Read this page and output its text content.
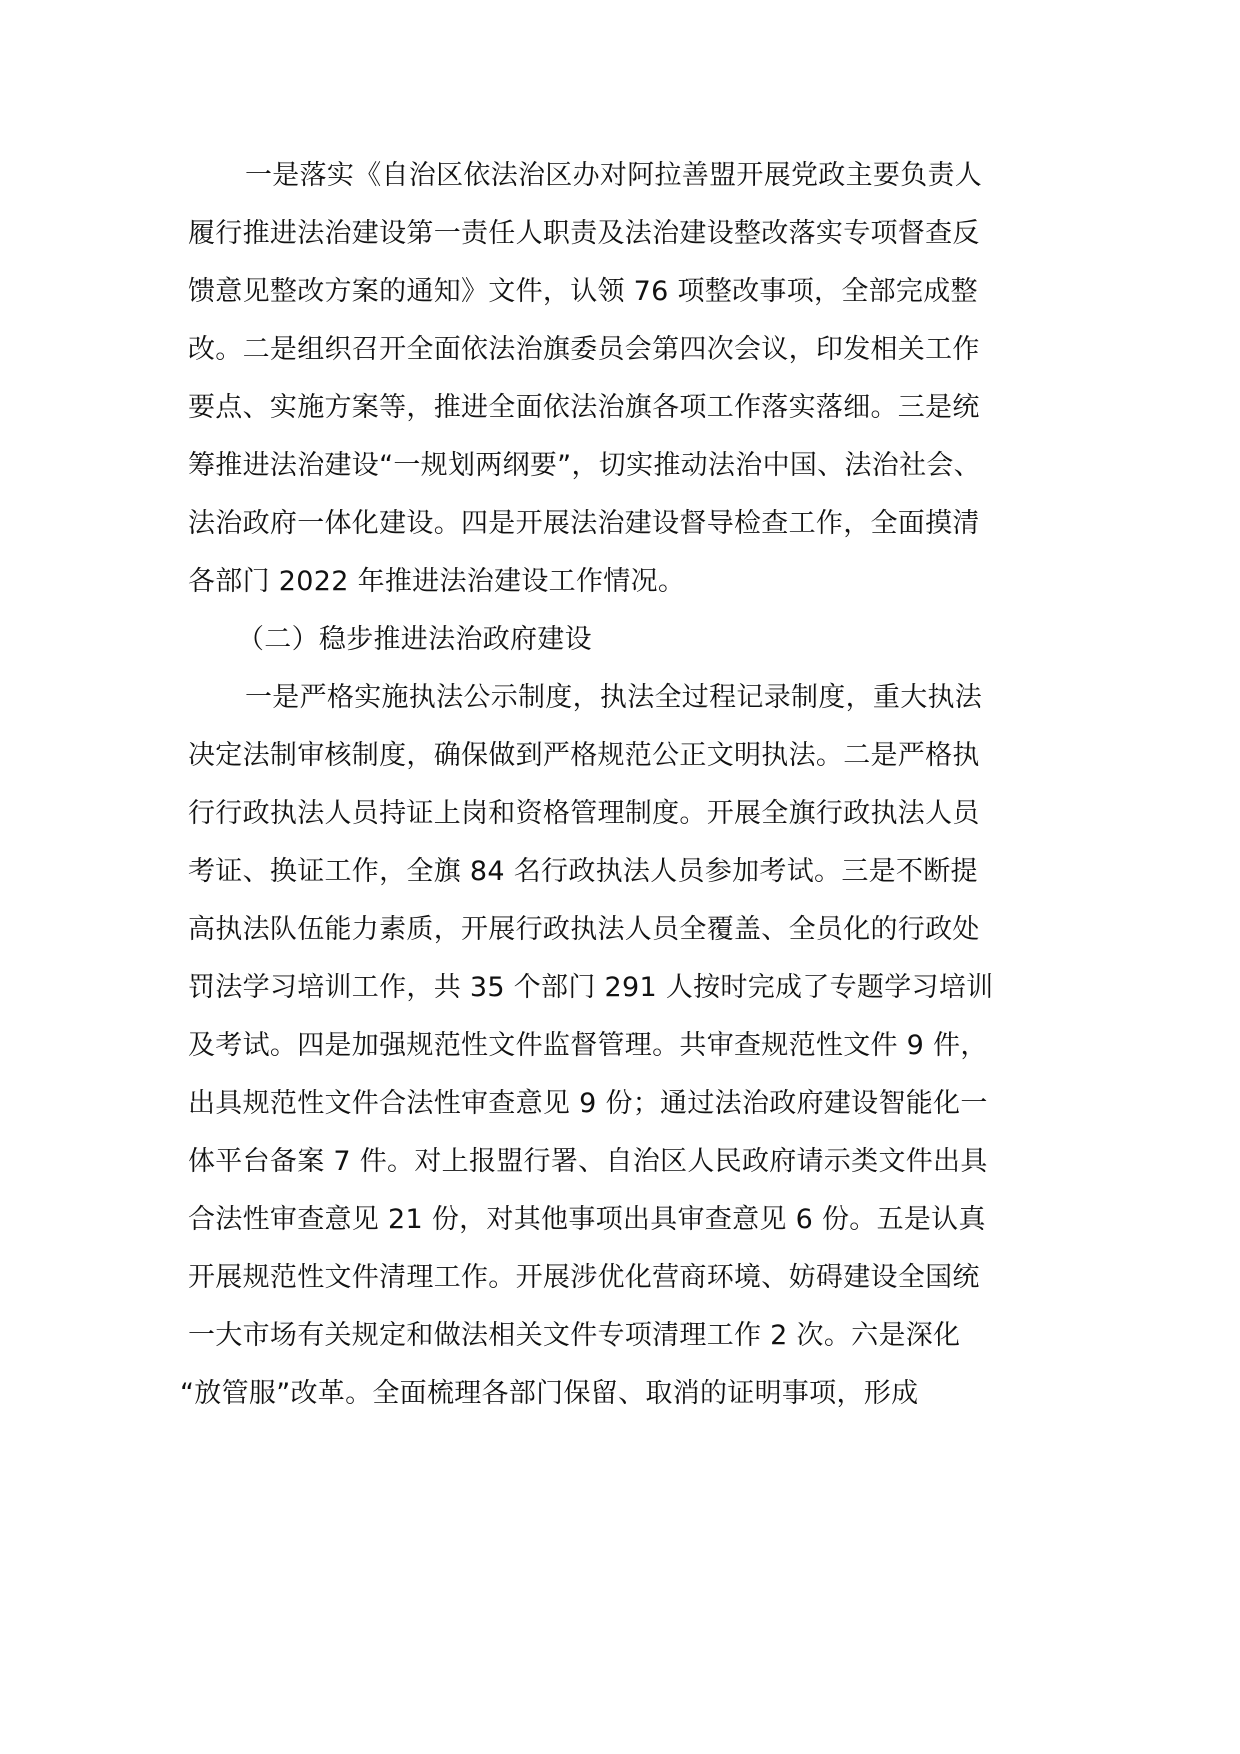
一是落实《自治区依法治区办对阿拉善盟开展党政主要负责人
履行推进法治建设第一责任人职责及法治建设整改落实专项督查反
馈意见整改方案的通知》文件，认领 76 项整改事项，全部完成整
改。二是组织召开全面依法治旗委员会第四次会议，印发相关工作
要点、实施方案等，推进全面依法治旗各项工作落实落细。三是统
筹推进法治建设“一规划两纲要”，切实推动法治中国、法治社会、
法治政府一体化建设。四是开展法治建设督导检查工作，全面摸清
各部门 2022 年推进法治建设工作情况。
（二）稳步推进法治政府建设
一是严格实施执法公示制度，执法全过程记录制度，重大执法
决定法制审核制度，确保做到严格规范公正文明执法。二是严格执
行行政执法人员持证上岗和资格管理制度。开展全旗行政执法人员
考证、换证工作，全旗 84 名行政执法人员参加考试。三是不断提
高执法队伍能力素质，开展行政执法人员全覆盖、全员化的行政处
罚法学习培训工作，共 35 个部门 291 人按时完成了专题学习培训
及考试。四是加强规范性文件监督管理。共审查规范性文件 9 件，
出具规范性文件合法性审查意见 9 份；通过法治政府建设智能化一
体平台备案 7 件。对上报盟行署、自治区人民政府请示类文件出具
合法性审查意见 21 份，对其他事项出具审查意见 6 份。五是认真
开展规范性文件清理工作。开展涉优化营商环境、妨碍建设全国统
一大市场有关规定和做法相关文件专项清理工作 2 次。六是深化
“放管服”改革。全面梳理各部门保留、取消的证明事项，形成
